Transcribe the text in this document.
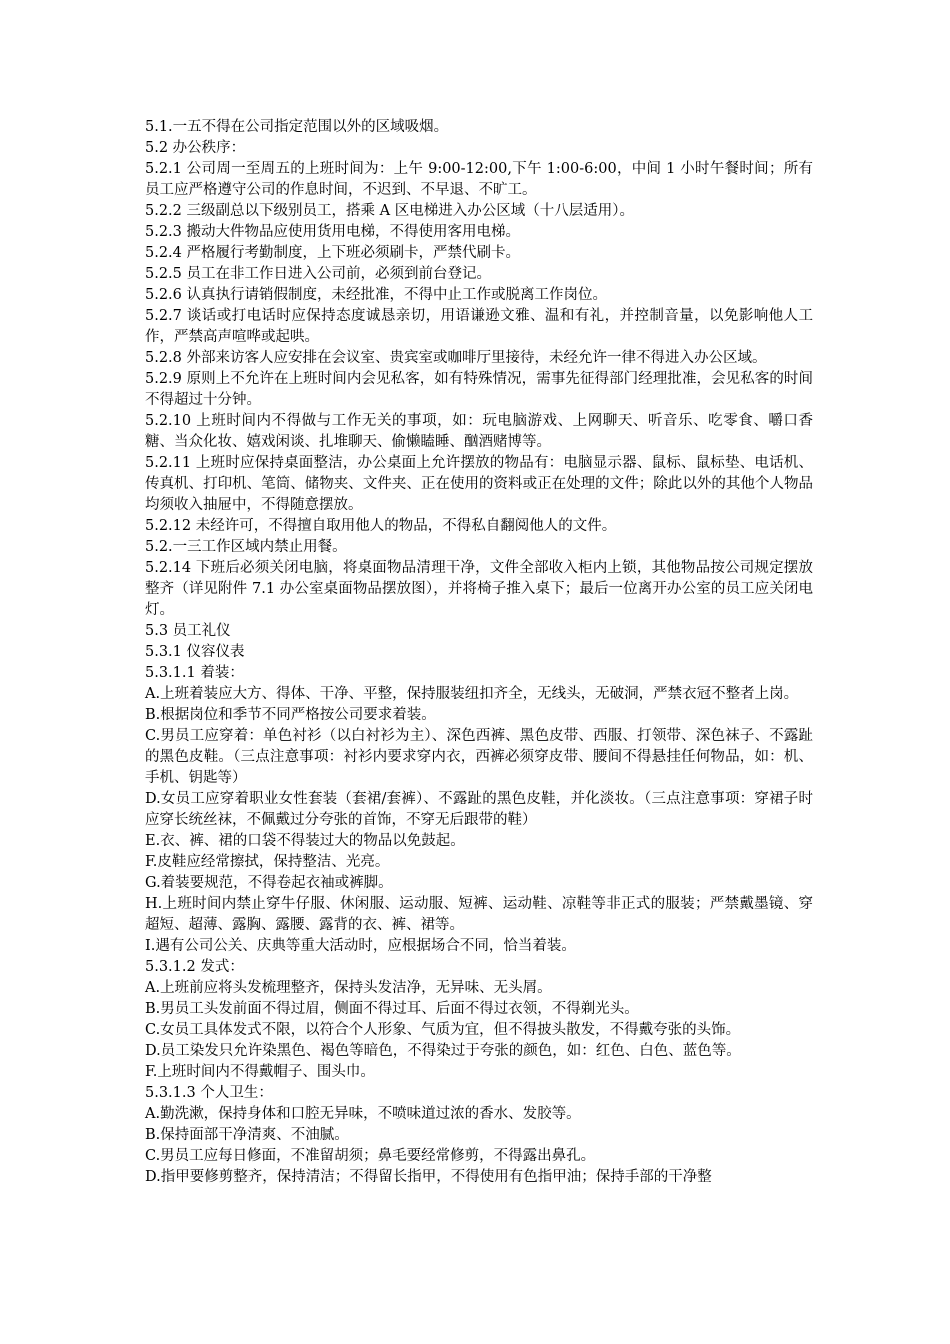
5.1.一五不得在公司指定范围以外的区域吸烟。

5.2 办公秩序：

5.2.1 公司周一至周五的上班时间为：上午 9:00-12:00,下午 1:00-6:00，中间 1 小时午餐时间；所有员工应严格遵守公司的作息时间，不迟到、不早退、不旷工。

5.2.2 三级副总以下级别员工，搭乘 A 区电梯进入办公区域（十八层适用）。

5.2.3 搬动大件物品应使用货用电梯，不得使用客用电梯。

5.2.4 严格履行考勤制度，上下班必须刷卡，严禁代刷卡。

5.2.5 员工在非工作日进入公司前，必须到前台登记。

5.2.6 认真执行请销假制度，未经批准，不得中止工作或脱离工作岗位。

5.2.7 谈话或打电话时应保持态度诚恳亲切，用语谦逊文雅、温和有礼，并控制音量，以免影响他人工作，严禁高声喧哗或起哄。

5.2.8 外部来访客人应安排在会议室、贵宾室或咖啡厅里接待，未经允许一律不得进入办公区域。

5.2.9 原则上不允许在上班时间内会见私客，如有特殊情况，需事先征得部门经理批准，会见私客的时间不得超过十分钟。

5.2.10 上班时间内不得做与工作无关的事项，如：玩电脑游戏、上网聊天、听音乐、吃零食、嚼口香糖、当众化妆、嬉戏闲谈、扎堆聊天、偷懒瞌睡、酗酒赌博等。

5.2.11 上班时应保持桌面整洁，办公桌面上允许摆放的物品有：电脑显示器、鼠标、鼠标垫、电话机、传真机、打印机、笔筒、储物夹、文件夹、正在使用的资料或正在处理的文件；除此以外的其他个人物品均须收入抽屉中，不得随意摆放。

5.2.12 未经许可，不得擅自取用他人的物品，不得私自翻阅他人的文件。

5.2.一三工作区域内禁止用餐。

5.2.14 下班后必须关闭电脑，将桌面物品清理干净，文件全部收入柜内上锁，其他物品按公司规定摆放整齐（详见附件 7.1 办公室桌面物品摆放图），并将椅子推入桌下；最后一位离开办公室的员工应关闭电灯。

5.3 员工礼仪

5.3.1 仪容仪表

5.3.1.1 着装：

A.上班着装应大方、得体、干净、平整，保持服装纽扣齐全，无线头，无破洞，严禁衣冠不整者上岗。

B.根据岗位和季节不同严格按公司要求着装。

C.男员工应穿着：单色衬衫（以白衬衫为主）、深色西裤、黑色皮带、西服、打领带、深色袜子、不露趾的黑色皮鞋。（三点注意事项：衬衫内要求穿内衣，西裤必须穿皮带、腰间不得悬挂任何物品，如：机、手机、钥匙等）

D.女员工应穿着职业女性套装（套裙/套裤）、不露趾的黑色皮鞋，并化淡妆。（三点注意事项：穿裙子时应穿长统丝袜，不佩戴过分夸张的首饰，不穿无后跟带的鞋）

E.衣、裤、裙的口袋不得装过大的物品以免鼓起。

F.皮鞋应经常擦拭，保持整洁、光亮。

G.着装要规范，不得卷起衣袖或裤脚。

H.上班时间内禁止穿牛仔服、休闲服、运动服、短裤、运动鞋、凉鞋等非正式的服装；严禁戴墨镜、穿超短、超薄、露胸、露腰、露背的衣、裤、裙等。

I.遇有公司公关、庆典等重大活动时，应根据场合不同，恰当着装。

5.3.1.2 发式：

A.上班前应将头发梳理整齐，保持头发洁净，无异味、无头屑。

B.男员工头发前面不得过眉，侧面不得过耳、后面不得过衣领，不得剃光头。

C.女员工具体发式不限，以符合个人形象、气质为宜，但不得披头散发，不得戴夸张的头饰。

D.员工染发只允许染黑色、褐色等暗色，不得染过于夸张的颜色，如：红色、白色、蓝色等。

F.上班时间内不得戴帽子、围头巾。

5.3.1.3 个人卫生：

A.勤洗漱，保持身体和口腔无异味，不喷味道过浓的香水、发胶等。

B.保持面部干净清爽、不油腻。

C.男员工应每日修面，不准留胡须；鼻毛要经常修剪，不得露出鼻孔。

D.指甲要修剪整齐，保持清洁；不得留长指甲，不得使用有色指甲油；保持手部的干净整
